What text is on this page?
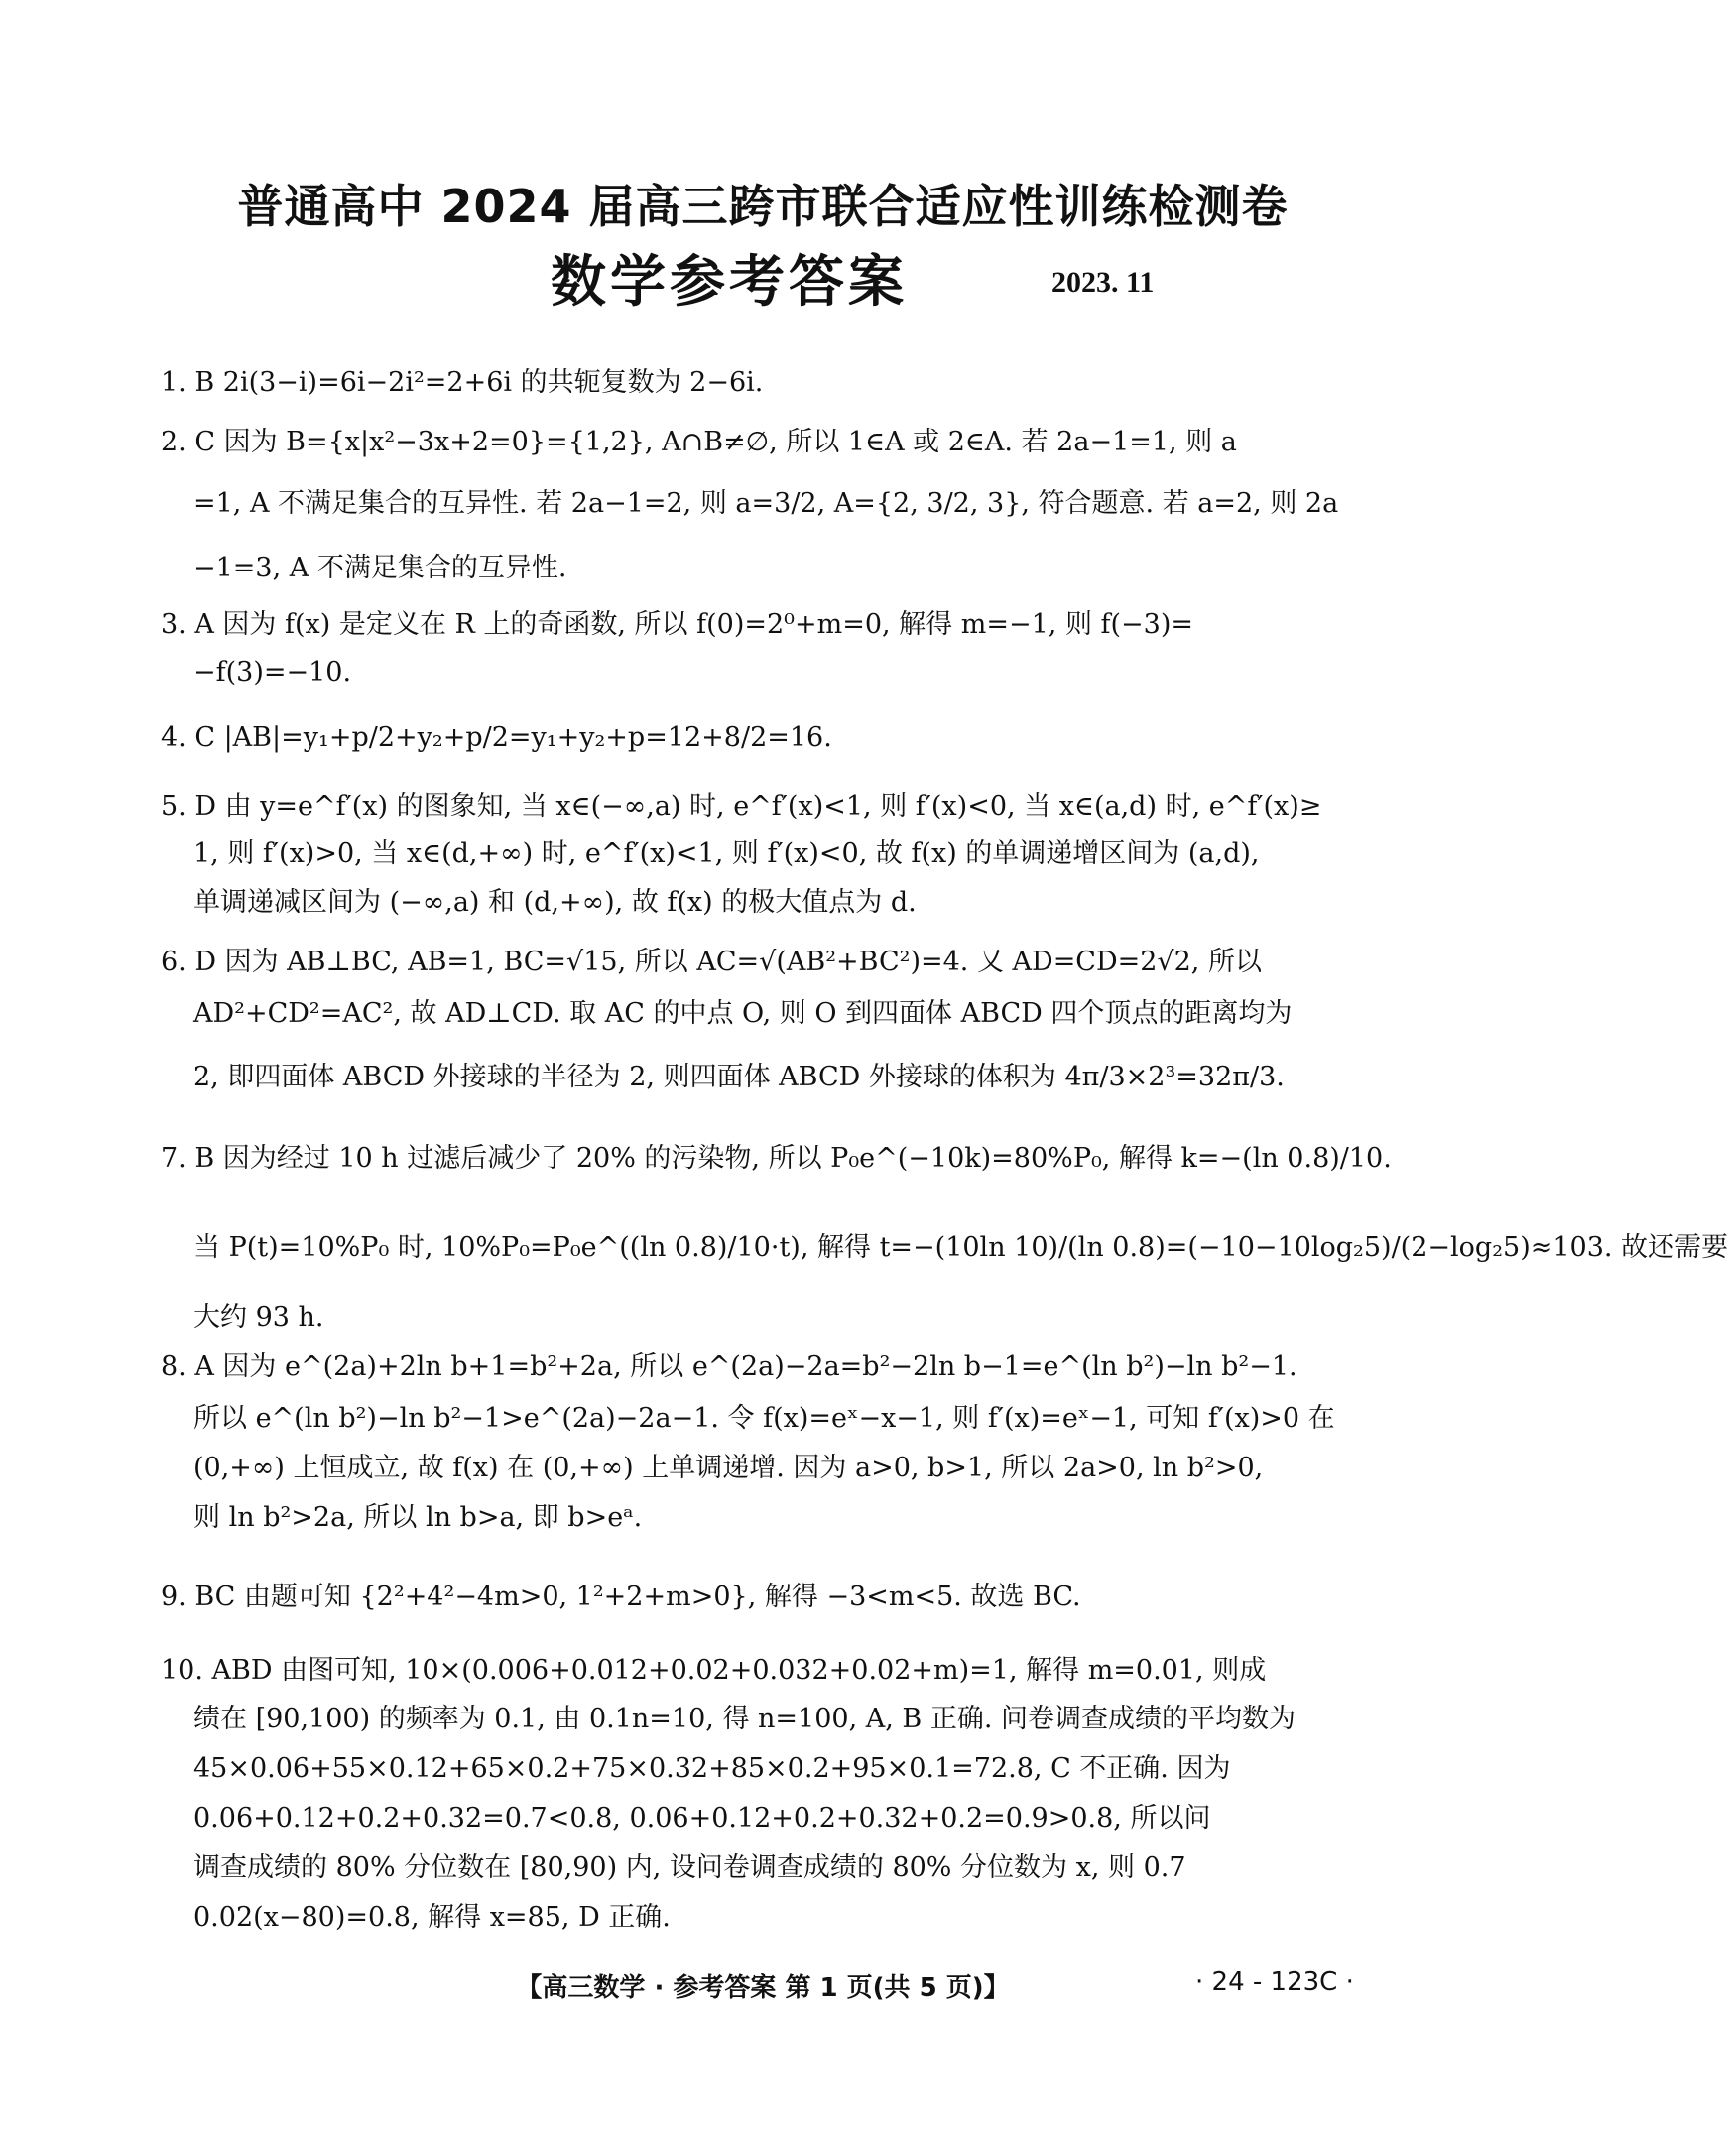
普通高中 2024 届高三跨市联合适应性训练检测卷
数学参考答案	2023. 11
1. B 2i(3−i)=6i−2i²=2+6i 的共轭复数为 2−6i.
2. C 因为 B={x|x²−3x+2=0}={1,2}, A∩B≠∅, 所以 1∈A 或 2∈A. 若 2a−1=1, 则 a
=1, A 不满足集合的互异性. 若 2a−1=2, 则 a=3/2, A={2, 3/2, 3}, 符合题意. 若 a=2, 则 2a
−1=3, A 不满足集合的互异性.
3. A 因为 f(x) 是定义在 R 上的奇函数, 所以 f(0)=2⁰+m=0, 解得 m=−1, 则 f(−3)=
−f(3)=−10.
4. C |AB|=y₁+p/2+y₂+p/2=y₁+y₂+p=12+8/2=16.
5. D 由 y=e^f′(x) 的图象知, 当 x∈(−∞,a) 时, e^f′(x)<1, 则 f′(x)<0, 当 x∈(a,d) 时, e^f′(x)≥
1, 则 f′(x)>0, 当 x∈(d,+∞) 时, e^f′(x)<1, 则 f′(x)<0, 故 f(x) 的单调递增区间为 (a,d),
单调递减区间为 (−∞,a) 和 (d,+∞), 故 f(x) 的极大值点为 d.
6. D 因为 AB⊥BC, AB=1, BC=√15, 所以 AC=√(AB²+BC²)=4. 又 AD=CD=2√2, 所以
AD²+CD²=AC², 故 AD⊥CD. 取 AC 的中点 O, 则 O 到四面体 ABCD 四个顶点的距离均为
2, 即四面体 ABCD 外接球的半径为 2, 则四面体 ABCD 外接球的体积为 4π/3×2³=32π/3.
7. B 因为经过 10 h 过滤后减少了 20% 的污染物, 所以 P₀e^(−10k)=80%P₀, 解得 k=−(ln 0.8)/10.
当 P(t)=10%P₀ 时, 10%P₀=P₀e^((ln 0.8)/10·t), 解得 t=−(10ln 10)/(ln 0.8)=(−10−10log₂5)/(2−log₂5)≈103. 故还需要
大约 93 h.
8. A 因为 e^(2a)+2ln b+1=b²+2a, 所以 e^(2a)−2a=b²−2ln b−1=e^(ln b²)−ln b²−1.
所以 e^(ln b²)−ln b²−1>e^(2a)−2a−1. 令 f(x)=eˣ−x−1, 则 f′(x)=eˣ−1, 可知 f′(x)>0 在
(0,+∞) 上恒成立, 故 f(x) 在 (0,+∞) 上单调递增. 因为 a>0, b>1, 所以 2a>0, ln b²>0,
则 ln b²>2a, 所以 ln b>a, 即 b>eᵃ.
9. BC 由题可知 {2²+4²−4m>0, 1²+2+m>0}, 解得 −3<m<5. 故选 BC.
10. ABD 由图可知, 10×(0.006+0.012+0.02+0.032+0.02+m)=1, 解得 m=0.01, 则成
绩在 [90,100) 的频率为 0.1, 由 0.1n=10, 得 n=100, A, B 正确. 问卷调查成绩的平均数为
45×0.06+55×0.12+65×0.2+75×0.32+85×0.2+95×0.1=72.8, C 不正确. 因为
0.06+0.12+0.2+0.32=0.7<0.8, 0.06+0.12+0.2+0.32+0.2=0.9>0.8, 所以问
调查成绩的 80% 分位数在 [80,90) 内, 设问卷调查成绩的 80% 分位数为 x, 则 0.7
0.02(x−80)=0.8, 解得 x=85, D 正确.
【高三数学 · 参考答案 第 1 页(共 5 页)】	· 24 - 123C ·
